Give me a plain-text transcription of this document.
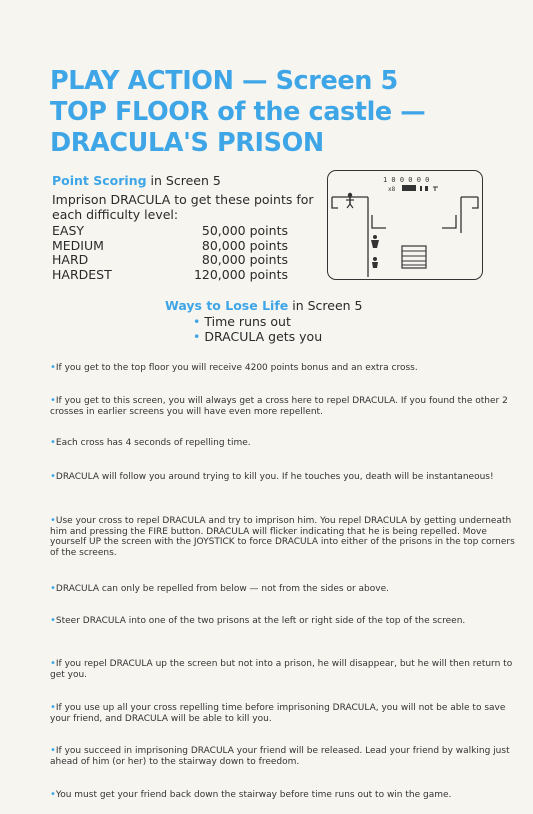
PLAY ACTION — Screen 5
TOP FLOOR of the castle —
DRACULA'S PRISON
Point Scoring in Screen 5
Imprison DRACULA to get these points for each difficulty level:
EASY	50,000 points
MEDIUM	80,000 points
HARD	80,000 points
HARDEST	120,000 points
1 0 0 0 0 0
x8
Ways to Lose Life in Screen 5
• Time runs out
• DRACULA gets you
•If you get to the top floor you will receive 4200 points bonus and an extra cross.
•If you get to this screen, you will always get a cross here to repel DRACULA. If you found the other 2 crosses in earlier screens you will have even more repellent.
•Each cross has 4 seconds of repelling time.
•DRACULA will follow you around trying to kill you. If he touches you, death will be instantaneous!
•Use your cross to repel DRACULA and try to imprison him. You repel DRACULA by getting underneath him and pressing the FIRE button. DRACULA will flicker indicating that he is being repelled. Move yourself UP the screen with the JOYSTICK to force DRACULA into either of the prisons in the top corners of the screens.
•DRACULA can only be repelled from below — not from the sides or above.
•Steer DRACULA into one of the two prisons at the left or right side of the top of the screen.
•If you repel DRACULA up the screen but not into a prison, he will disappear, but he will then return to get you.
•If you use up all your cross repelling time before imprisoning DRACULA, you will not be able to save your friend, and DRACULA will be able to kill you.
•If you succeed in imprisoning DRACULA your friend will be released. Lead your friend by walking just ahead of him (or her) to the stairway down to freedom.
•You must get your friend back down the stairway before time runs out to win the game.
